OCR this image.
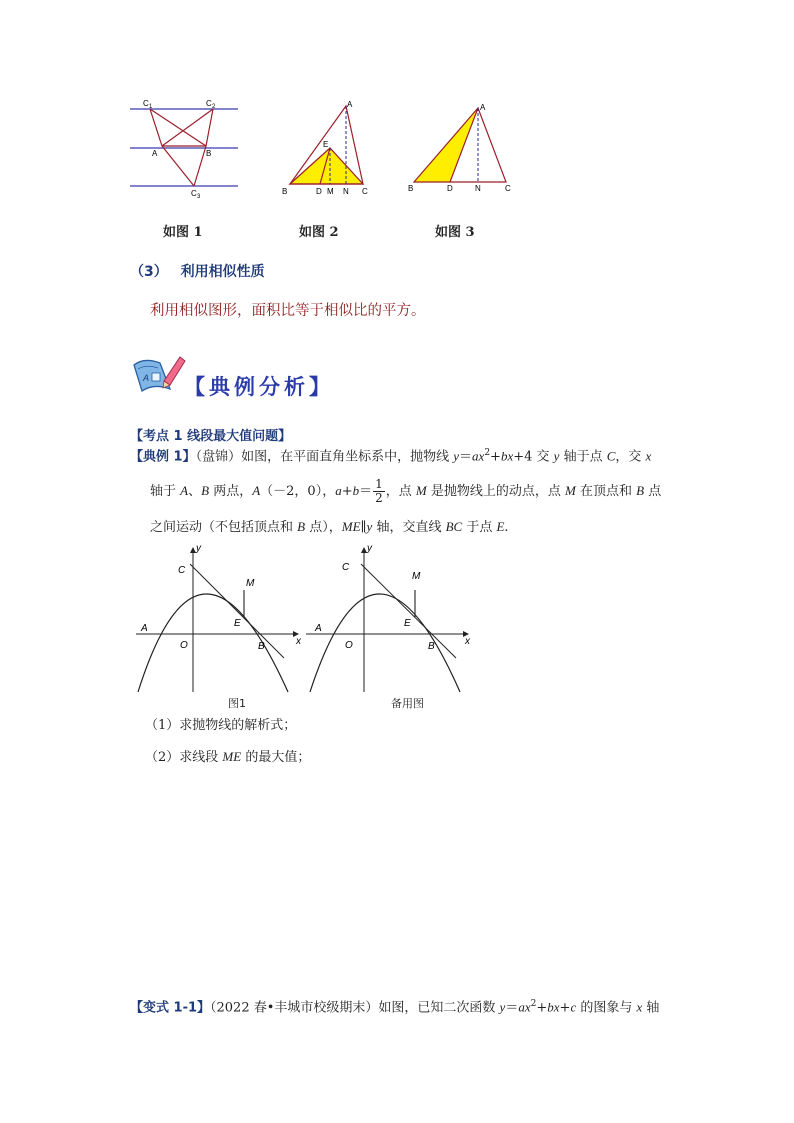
C 1	C 2
A	B
C 3
如图 1
A
E
B	D M N C
如图 2
A
B	D	N	C
如图 3
（3） 利用相似性质
利用相似图形，面积比等于相似比的平方。
A 【典例分析】
【考点 1 线段最大值问题】
【典例 1】（盘锦）如图，在平面直角坐标系中，抛物线 $y=ax^2+bx+4$ 交 y 轴于点 C，交 x
轴于 A、B 两点，A（－2，0），$a+b= \frac{1}{2}$ ，点 M 是抛物线上的动点，点 M 在顶点和 B 点
之间运动（不包括顶点和 B 点），ME∥y 轴，交直线 BC 于点 E.
y
x
C
M
E
A
O	B
图1
y
x
C
M
E
A
O	B
备用图
（1）求抛物线的解析式；
（2）求线段 ME 的最大值；
【变式 1-1】（2022 春•丰城市校级期末）如图，已知二次函数 $y=ax^2+bx+c$ 的图象与 x 轴
